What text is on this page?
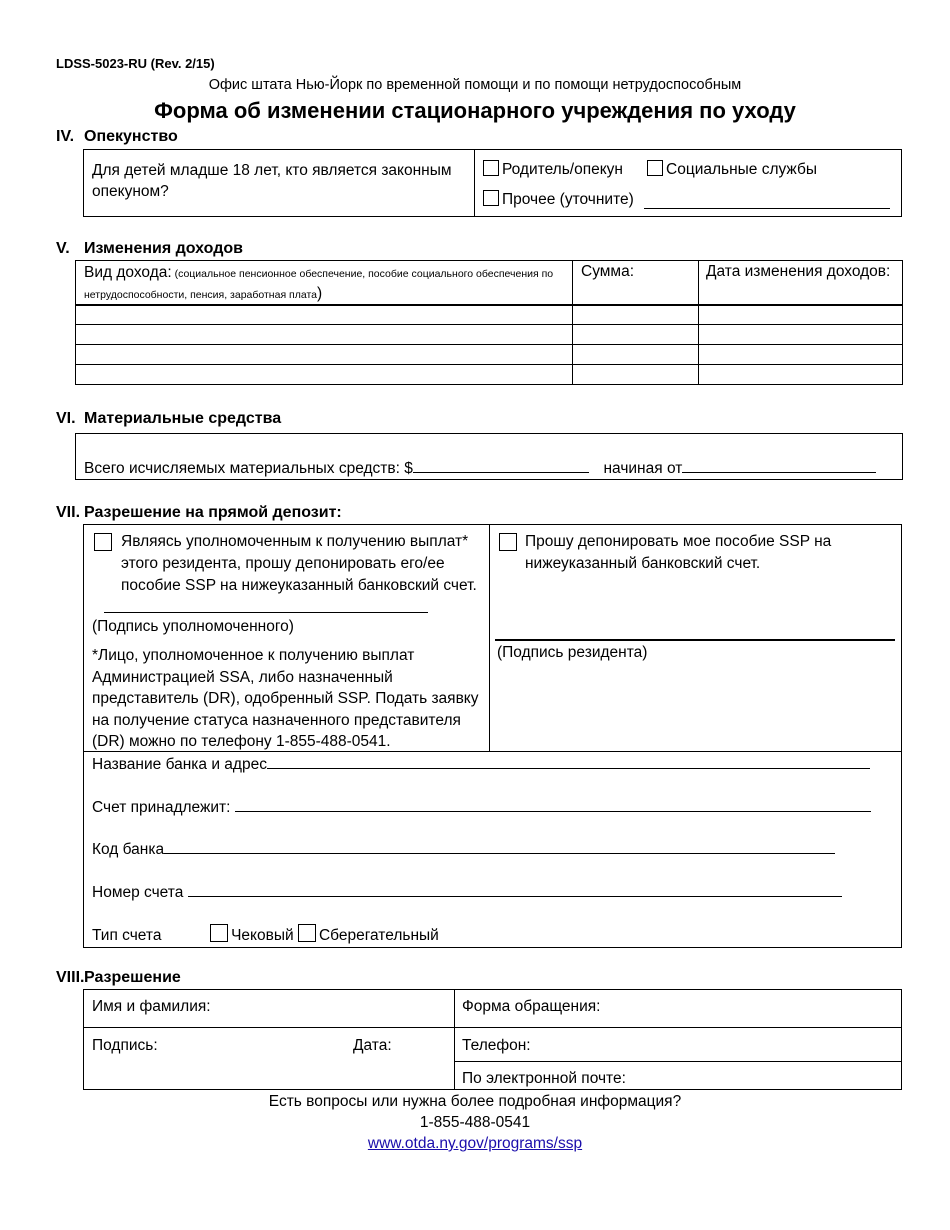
LDSS-5023-RU (Rev. 2/15)
Офис штата Нью-Йорк по временной помощи и по помощи нетрудоспособным
Форма об изменении стационарного учреждения по уходу
IV. Опекунство
Для детей младше 18 лет, кто является законным опекуном?
Родитель/опекун	Социальные службы
Прочее (уточните)
V. Изменения доходов
Вид дохода: (социальное пенсионное обеспечение, пособие социального обеспечения по
нетрудоспособности, пенсия, заработная плата)
Сумма:	Дата изменения доходов:
VI. Материальные средства
Всего исчисляемых материальных средств: $	начиная от
VII. Разрешение на прямой депозит:
Являясь уполномоченным к получению выплат* этого резидента, прошу депонировать его/ее пособие SSP на нижеуказанный банковский счет.
(Подпись уполномоченного)
*Лицо, уполномоченное к получению выплат Администрацией SSA, либо назначенный представитель (DR), одобренный SSP. Подать заявку на получение статуса назначенного представителя (DR) можно по телефону 1-855-488-0541.
Прошу депонировать мое пособие SSP на нижеуказанный банковский счет.
(Подпись резидента)
Название банка и адрес
Счет принадлежит:
Код банка
Номер счета
Тип счета	Чековый Сберегательный
VIII.Разрешение
Имя и фамилия:	Форма обращения:
Подпись:	Дата:	Телефон:
По электронной почте:
Есть вопросы или нужна более подробная информация?
1-855-488-0541
www.otda.ny.gov/programs/ssp
